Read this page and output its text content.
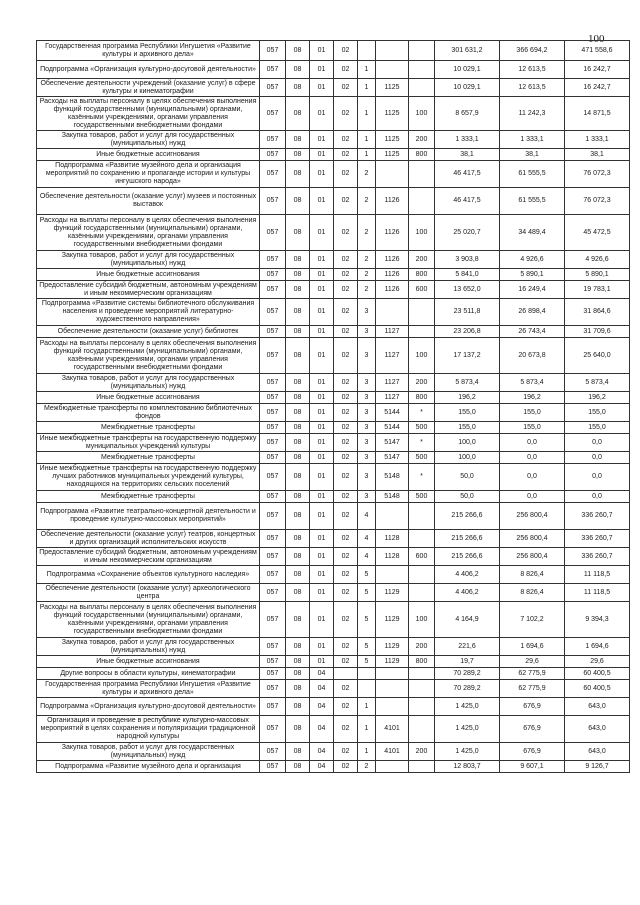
100
Государственная программа Республики Ингушетия «Развитие культуры и архивного дела»	057	08	01	02				301 631,2	366 694,2	471 558,6
Подпрограмма «Организация культурно-досуговой деятельности»	057	08	01	02	1			10 029,1	12 613,5	16 242,7
Обеспечение деятельности учреждений (оказание услуг) в сфере культуры и кинематографии	057	08	01	02	1	1125		10 029,1	12 613,5	16 242,7
Расходы на выплаты персоналу в целях обеспечения выполнения функций государственными (муниципальными) органами, казёнными учреждениями, органами управления государственными внебюджетными фондами	057	08	01	02	1	1125	100	8 657,9	11 242,3	14 871,5
Закупка товаров, работ и услуг для государственных (муниципальных) нужд	057	08	01	02	1	1125	200	1 333,1	1 333,1	1 333,1
Иные бюджетные ассигнования	057	08	01	02	1	1125	800	38,1	38,1	38,1
Подпрограмма «Развитие музейного дела и организация мероприятий по сохранению и пропаганде истории и культуры ингушского народа»	057	08	01	02	2			46 417,5	61 555,5	76 072,3
Обеспечение деятельности (оказание услуг) музеев и постоянных выставок	057	08	01	02	2	1126		46 417,5	61 555,5	76 072,3
Расходы на выплаты персоналу в целях обеспечения выполнения функций государственными (муниципальными) органами, казёнными учреждениями, органами управления государственными внебюджетными фондами	057	08	01	02	2	1126	100	25 020,7	34 489,4	45 472,5
Закупка товаров, работ и услуг для государственных (муниципальных) нужд	057	08	01	02	2	1126	200	3 903,8	4 926,6	4 926,6
Иные бюджетные ассигнования	057	08	01	02	2	1126	800	5 841,0	5 890,1	5 890,1
Предоставление субсидий бюджетным, автономным учреждениям и иным некоммерческим организациям	057	08	01	02	2	1126	600	13 652,0	16 249,4	19 783,1
Подпрограмма «Развитие системы библиотечного обслуживания населения и проведение мероприятий литературно-художественного направления»	057	08	01	02	3			23 511,8	26 898,4	31 864,6
Обеспечение деятельности (оказание услуг) библиотек	057	08	01	02	3	1127		23 206,8	26 743,4	31 709,6
Расходы на выплаты персоналу в целях обеспечения выполнения функций государственными (муниципальными) органами, казёнными учреждениями, органами управления государственными внебюджетными фондами	057	08	01	02	3	1127	100	17 137,2	20 673,8	25 640,0
Закупка товаров, работ и услуг для государственных (муниципальных) нужд	057	08	01	02	3	1127	200	5 873,4	5 873,4	5 873,4
Иные бюджетные ассигнования	057	08	01	02	3	1127	800	196,2	196,2	196,2
Межбюджетные трансферты по комплектованию библиотечных фондов	057	08	01	02	3	5144	*	155,0	155,0	155,0
Межбюджетные трансферты	057	08	01	02	3	5144	500	155,0	155,0	155,0
Иные межбюджетные трансферты на государственную поддержку муниципальных учреждений культуры	057	08	01	02	3	5147	*	100,0	0,0	0,0
Межбюджетные трансферты	057	08	01	02	3	5147	500	100,0	0,0	0,0
Иные межбюджетные трансферты на государственную поддержку лучших работников муниципальных учреждений культуры, находящихся на территориях сельских поселений	057	08	01	02	3	5148	*	50,0	0,0	0,0
Межбюджетные трансферты	057	08	01	02	3	5148	500	50,0	0,0	0,0
Подпрограмма «Развитие театрально-концертной деятельности и проведение культурно-массовых мероприятий»	057	08	01	02	4			215 266,6	256 800,4	336 260,7
Обеспечение деятельности (оказание услуг) театров, концертных и других организаций исполнительских искусств	057	08	01	02	4	1128		215 266,6	256 800,4	336 260,7
Предоставление субсидий бюджетным, автономным учреждениям и иным некоммерческим организациям	057	08	01	02	4	1128	600	215 266,6	256 800,4	336 260,7
Подпрограмма «Сохранение объектов культурного наследия»	057	08	01	02	5			4 406,2	8 826,4	11 118,5
Обеспечение деятельности (оказание услуг) археологического центра	057	08	01	02	5	1129		4 406,2	8 826,4	11 118,5
Расходы на выплаты персоналу в целях обеспечения выполнения функций государственными (муниципальными) органами, казёнными учреждениями, органами управления государственными внебюджетными фондами	057	08	01	02	5	1129	100	4 164,9	7 102,2	9 394,3
Закупка товаров, работ и услуг для государственных (муниципальных) нужд	057	08	01	02	5	1129	200	221,6	1 694,6	1 694,6
Иные бюджетные ассигнования	057	08	01	02	5	1129	800	19,7	29,6	29,6
Другие вопросы в области культуры, кинематографии	057	08	04					70 289,2	62 775,9	60 400,5
Государственная программа Республики Ингушетия «Развитие культуры и архивного дела»	057	08	04	02				70 289,2	62 775,9	60 400,5
Подпрограмма «Организация культурно-досуговой деятельности»	057	08	04	02	1			1 425,0	676,9	643,0
Организация и проведение в республике культурно-массовых мероприятий в целях сохранения и популяризации традиционной народной культуры	057	08	04	02	1	4101		1 425,0	676,9	643,0
Закупка товаров, работ и услуг для государственных (муниципальных) нужд	057	08	04	02	1	4101	200	1 425,0	676,9	643,0
Подпрограмма «Развитие музейного дела и организация	057	08	04	02	2			12 803,7	9 607,1	9 126,7
